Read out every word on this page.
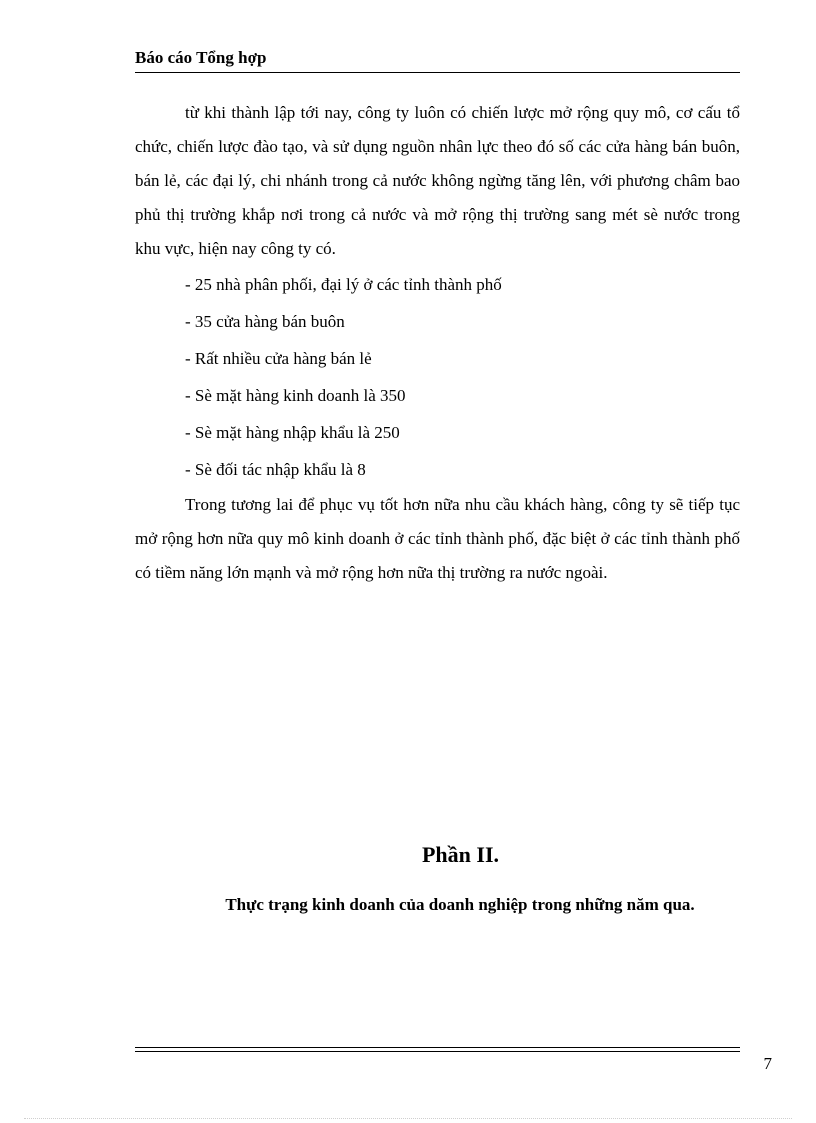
Báo cáo Tổng hợp

từ khi thành lập tới nay, công ty luôn có chiến lược mở rộng quy mô, cơ cấu tổ chức, chiến lược đào tạo, và sử dụng nguồn nhân lực theo đó số các cửa hàng bán buôn, bán lẻ, các đại lý, chi nhánh trong cả nước không ngừng tăng lên, với phương châm bao phủ thị trường khắp nơi trong cả nước và mở rộng thị trường sang mét sè nước trong khu vực, hiện nay công ty có.

- 25 nhà phân phối, đại lý ở các tỉnh thành phố
- 35 cửa hàng bán buôn
- Rất nhiều cửa hàng bán lẻ
- Sè mặt hàng kinh doanh là 350
- Sè mặt hàng nhập khẩu là 250
- Sè đối tác nhập khẩu là 8

Trong tương lai để phục vụ tốt hơn nữa nhu cầu khách hàng, công ty sẽ tiếp tục mở rộng hơn nữa quy mô kinh doanh ở các tỉnh thành phố, đặc biệt ở các tỉnh thành phố có tiềm năng lớn mạnh và mở rộng hơn nữa thị trường ra nước ngoài.

Phần II.
Thực trạng kinh doanh của doanh nghiệp trong những năm qua.
7
